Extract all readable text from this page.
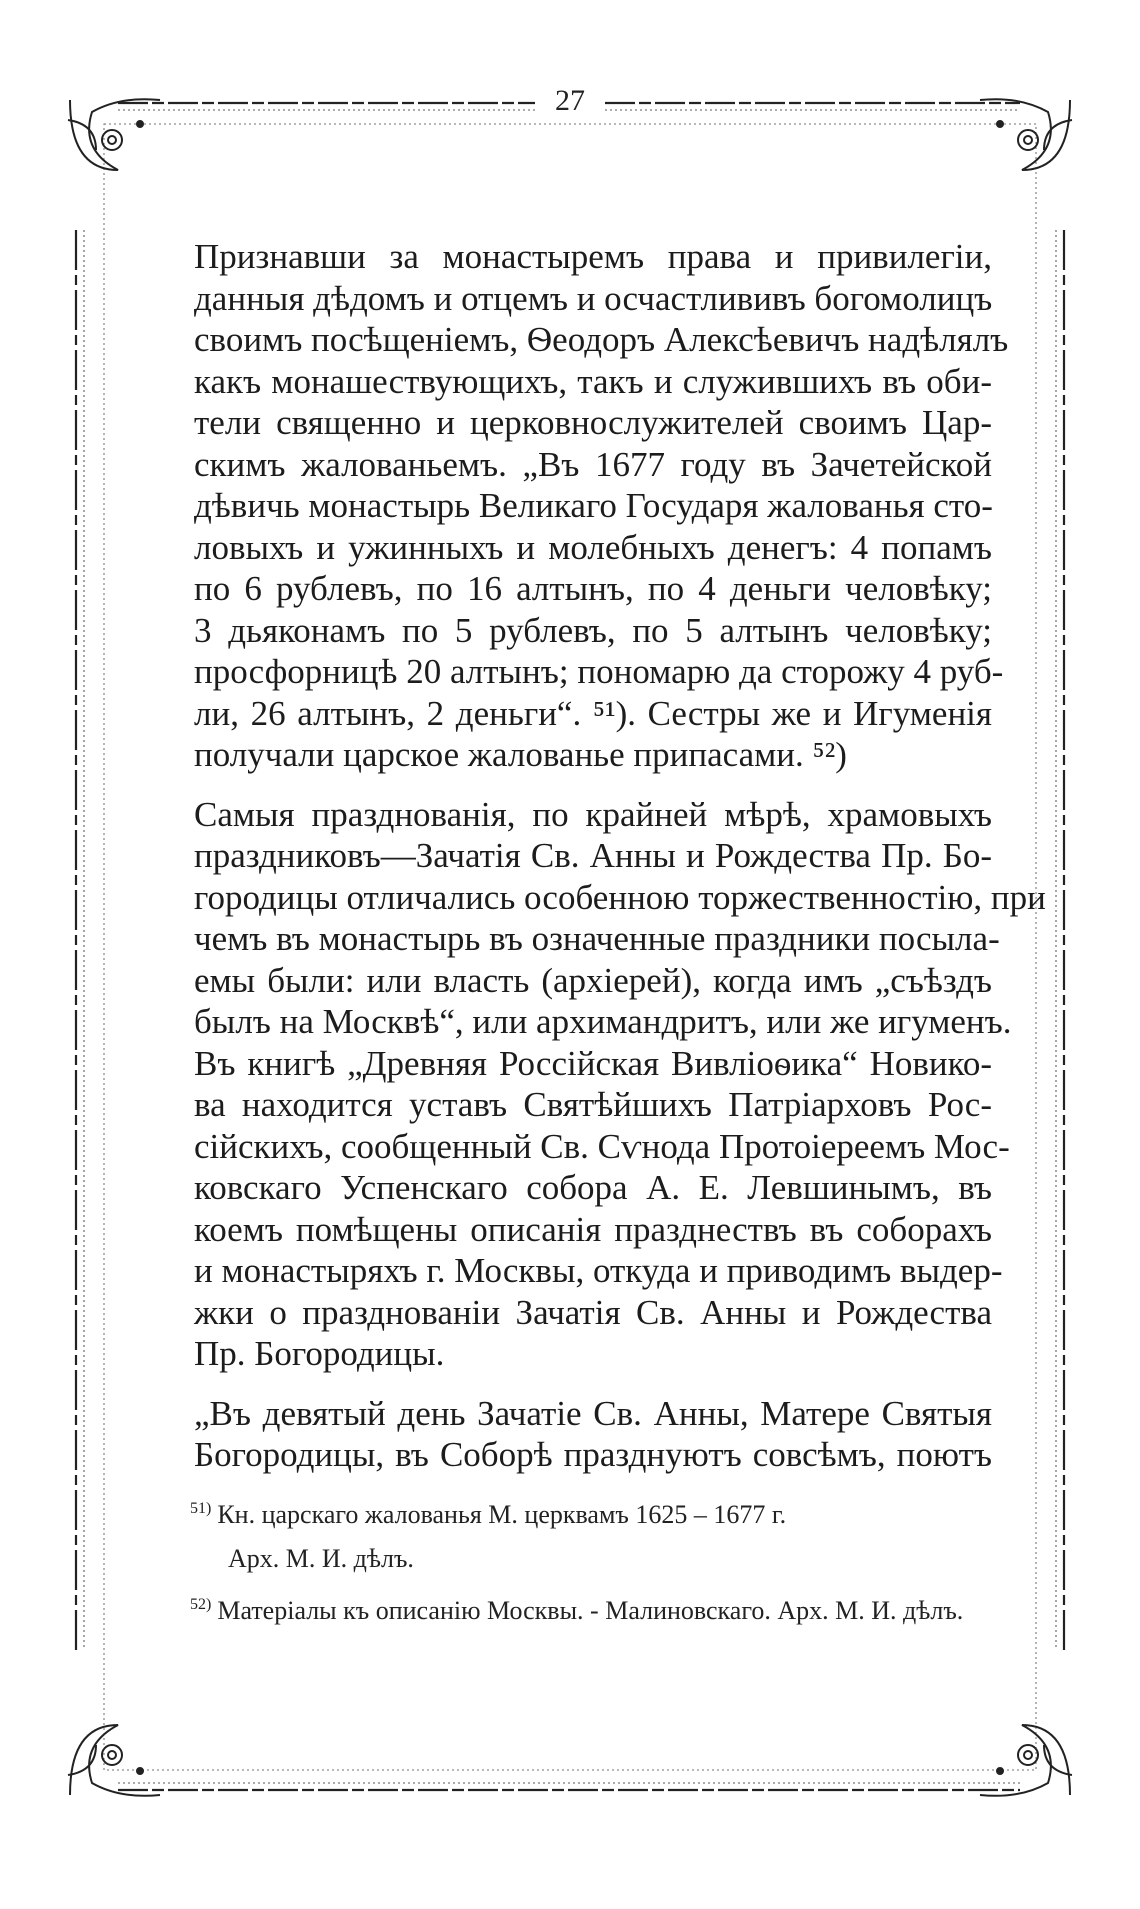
27

Признавши за монастыремъ права и привилегіи,
данныя дѣдомъ и отцемъ и осчастлививъ богомолицъ
своимъ посѣщеніемъ, Ѳеодоръ Алексѣевичъ надѣлялъ
какъ монашествующихъ, такъ и служившихъ въ оби-
тели священно и церковнослужителей своимъ Цар-
скимъ жалованьемъ. „Въ 1677 году въ Зачетейской
дѣвичь монастырь Великаго Государя жалованья сто-
ловыхъ и ужинныхъ и молебныхъ денегъ: 4 попамъ
по 6 рублевъ, по 16 алтынъ, по 4 деньги человѣку;
3 дьяконамъ по 5 рублевъ, по 5 алтынъ человѣку;
просфорницѣ 20 алтынъ; пономарю да сторожу 4 руб-
ли, 26 алтынъ, 2 деньги“. ⁵¹). Сестры же и Игуменія
получали царское жалованье припасами. ⁵²)

Самыя празднованія, по крайней мѣрѣ, храмовыхъ
праздниковъ—Зачатія Св. Анны и Рождества Пр. Бо-
городицы отличались особенною торжественностію, при
чемъ въ монастырь въ означенные праздники посыла-
емы были: или власть (архіерей), когда имъ „съѣздъ
былъ на Москвѣ“, или архимандритъ, или же игуменъ.
Въ книгѣ „Древняя Россійская Вивліоѳика“ Новико-
ва находится уставъ Святѣйшихъ Патріарховъ Рос-
сійскихъ, сообщенный Св. Сѵнода Протоіереемъ Мос-
ковскаго Успенскаго собора А. Е. Левшинымъ, въ
коемъ помѣщены описанія празднествъ въ соборахъ
и монастыряхъ г. Москвы, откуда и приводимъ выдер-
жки о празднованіи Зачатія Св. Анны и Рождества
Пр. Богородицы.

„Въ девятый день Зачатіе Св. Анны, Матере Святыя
Богородицы, въ Соборѣ празднуютъ совсѣмъ, поютъ

$^{51)}$ Кн. царскаго жалованья М. церквамъ 1625 – 1677 г.
Арх. М. И. дѣлъ.

$^{52)}$ Матеріалы къ описанію Москвы. - Малиновскаго. Арх. М. И. дѣлъ.
